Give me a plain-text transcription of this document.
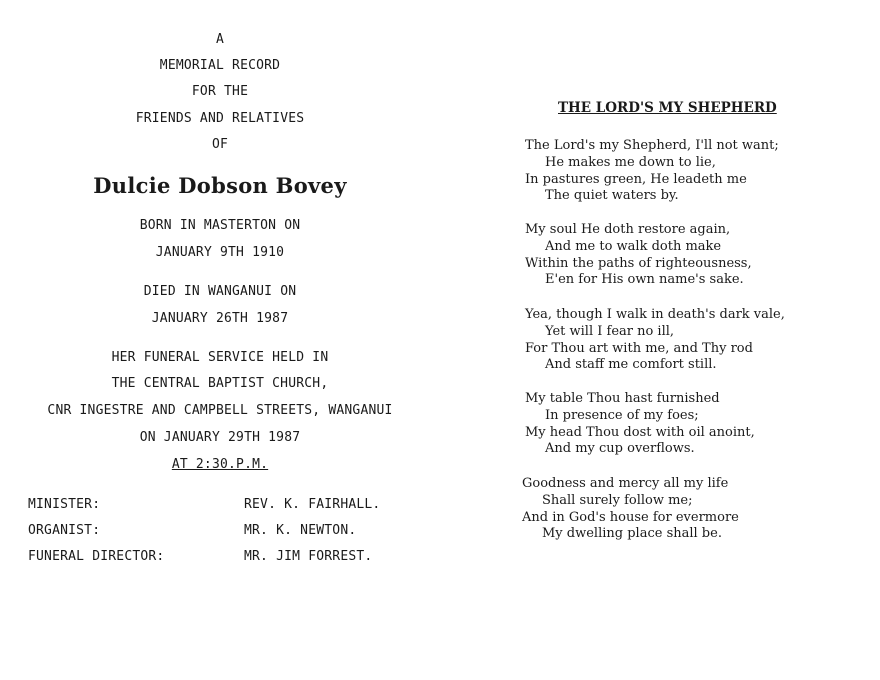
A
MEMORIAL RECORD
FOR THE
FRIENDS AND RELATIVES
OF
Dulcie Dobson Bovey
BORN IN MASTERTON ON
JANUARY 9TH 1910
DIED IN WANGANUI ON
JANUARY 26TH 1987
HER FUNERAL SERVICE HELD IN
THE CENTRAL BAPTIST CHURCH,
CNR INGESTRE AND CAMPBELL STREETS, WANGANUI
ON JANUARY 29TH 1987
AT 2:30.P.M.
MINISTER:	REV. K. FAIRHALL.
ORGANIST:	MR. K. NEWTON.
FUNERAL DIRECTOR:	MR. JIM FORREST.
THE LORD'S MY SHEPHERD
The Lord's my Shepherd, I'll not want;
He makes me down to lie,
In pastures green, He leadeth me
The quiet waters by.
My soul He doth restore again,
And me to walk doth make
Within the paths of righteousness,
E'en for His own name's sake.
Yea, though I walk in death's dark vale,
Yet will I fear no ill,
For Thou art with me, and Thy rod
And staff me comfort still.
My table Thou hast furnished
In presence of my foes;
My head Thou dost with oil anoint,
And my cup overflows.
Goodness and mercy all my life
Shall surely follow me;
And in God's house for evermore
My dwelling place shall be.
